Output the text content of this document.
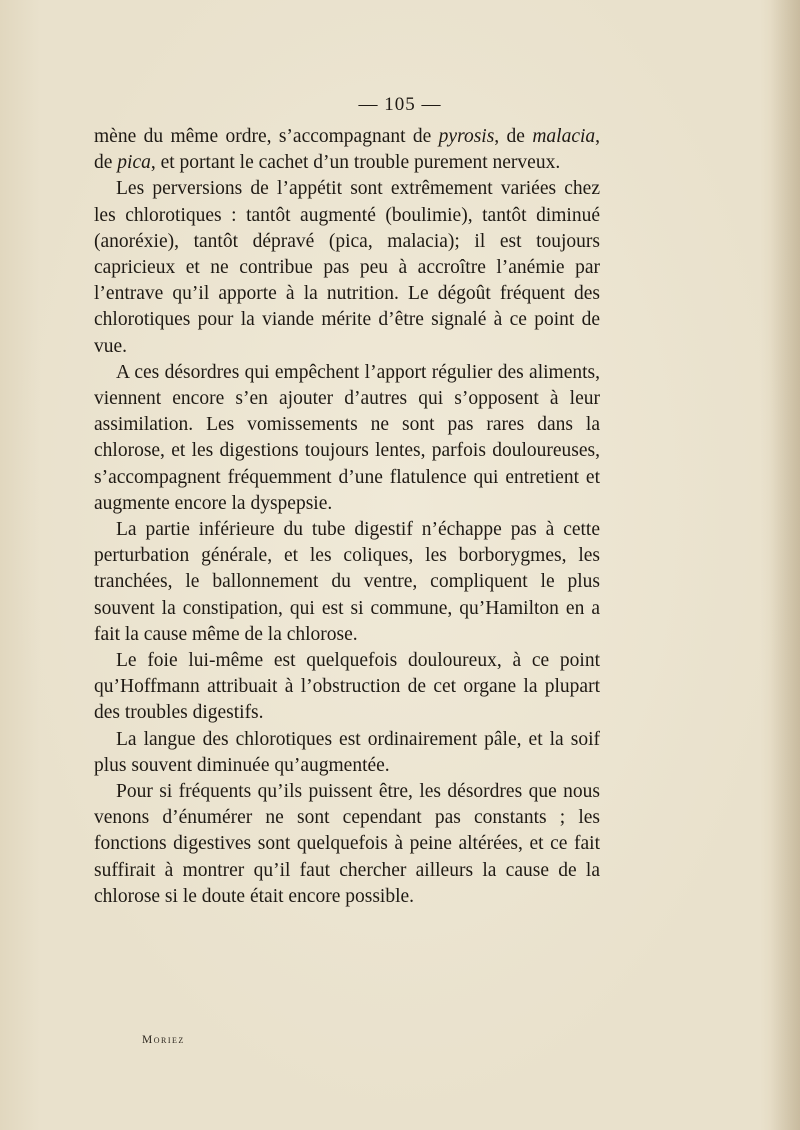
— 105 —

mène du même ordre, s’accompagnant de pyrosis, de malacia, de pica, et portant le cachet d’un trouble purement nerveux.

Les perversions de l’appétit sont extrêmement variées chez les chlorotiques : tantôt augmenté (boulimie), tantôt diminué (anoréxie), tantôt dépravé (pica, malacia); il est toujours capricieux et ne contribue pas peu à accroître l’anémie par l’entrave qu’il apporte à la nutrition. Le dégoût fréquent des chlorotiques pour la viande mérite d’être signalé à ce point de vue.

A ces désordres qui empêchent l’apport régulier des aliments, viennent encore s’en ajouter d’autres qui s’opposent à leur assimilation. Les vomissements ne sont pas rares dans la chlorose, et les digestions toujours lentes, parfois douloureuses, s’accompagnent fréquemment d’une flatulence qui entretient et augmente encore la dyspepsie.

La partie inférieure du tube digestif n’échappe pas à cette perturbation générale, et les coliques, les borborygmes, les tranchées, le ballonnement du ventre, compliquent le plus souvent la constipation, qui est si commune, qu’Hamilton en a fait la cause même de la chlorose.

Le foie lui-même est quelquefois douloureux, à ce point qu’Hoffmann attribuait à l’obstruction de cet organe la plupart des troubles digestifs.

La langue des chlorotiques est ordinairement pâle, et la soif plus souvent diminuée qu’augmentée.

Pour si fréquents qu’ils puissent être, les désordres que nous venons d’énumérer ne sont cependant pas constants ; les fonctions digestives sont quelquefois à peine altérées, et ce fait suffirait à montrer qu’il faut chercher ailleurs la cause de la chlorose si le doute était encore possible.

Moriez
